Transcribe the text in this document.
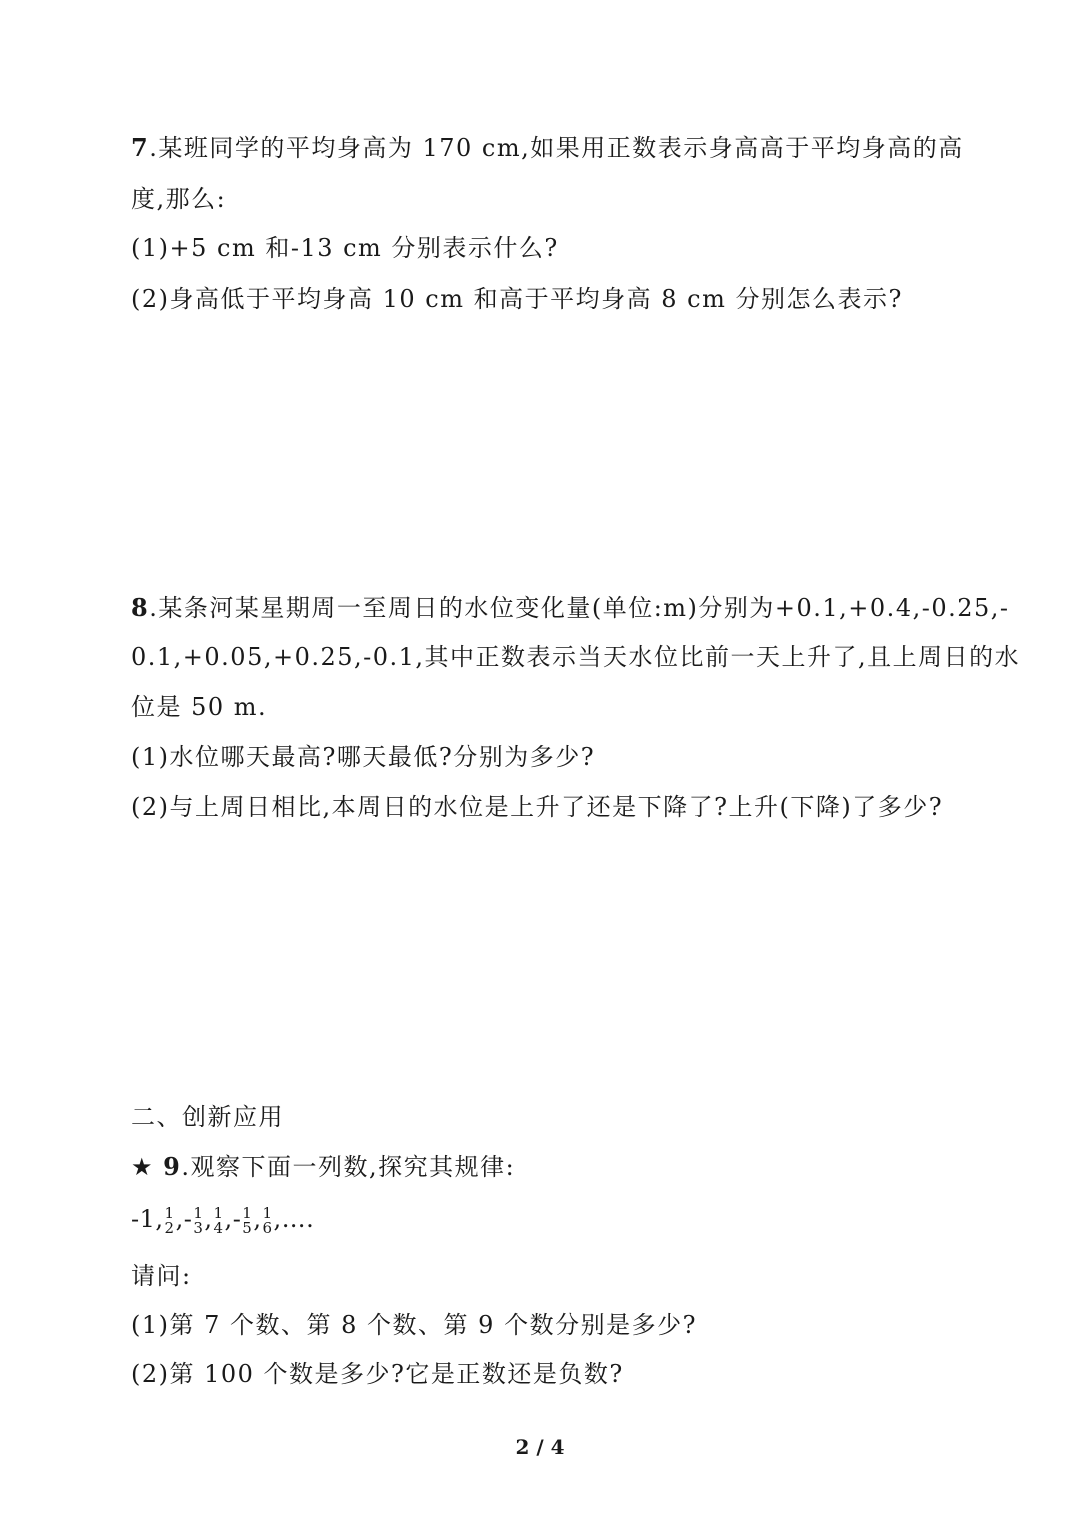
7.某班同学的平均身高为 170 cm,如果用正数表示身高高于平均身高的高
度,那么:
(1)+5 cm 和-13 cm 分别表示什么?
(2)身高低于平均身高 10 cm 和高于平均身高 8 cm 分别怎么表示?
8.某条河某星期周一至周日的水位变化量(单位:m)分别为+0.1,+0.4,-0.25,-
0.1,+0.05,+0.25,-0.1,其中正数表示当天水位比前一天上升了,且上周日的水
位是 50 m.
(1)水位哪天最高?哪天最低?分别为多少?
(2)与上周日相比,本周日的水位是上升了还是下降了?上升(下降)了多少?
二、创新应用
★ 9.观察下面一列数,探究其规律:
-1, 1
2 ,- 1
3 , 1
4 ,- 1
5 , 1
6 ,….
请问:
(1)第 7 个数、第 8 个数、第 9 个数分别是多少?
(2)第 100 个数是多少?它是正数还是负数?
2 / 4
